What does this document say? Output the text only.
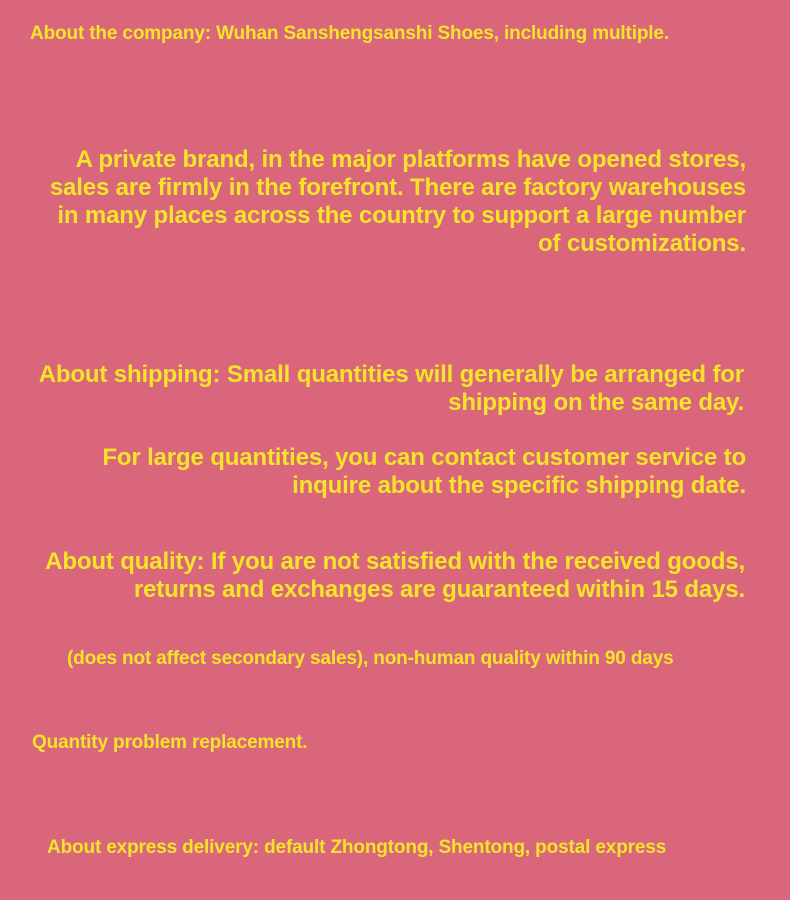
About the company: Wuhan Sanshengsanshi Shoes, including multiple.

A private brand, in the major platforms have opened stores,
sales are firmly in the forefront. There are factory warehouses
in many places across the country to support a large number
of customizations.

About shipping: Small quantities will generally be arranged for
shipping on the same day.

For large quantities, you can contact customer service to
inquire about the specific shipping date.

About quality: If you are not satisfied with the received goods,
returns and exchanges are guaranteed within 15 days.

(does not affect secondary sales), non-human quality within 90 days

Quantity problem replacement.

About express delivery: default Zhongtong, Shentong, postal express
